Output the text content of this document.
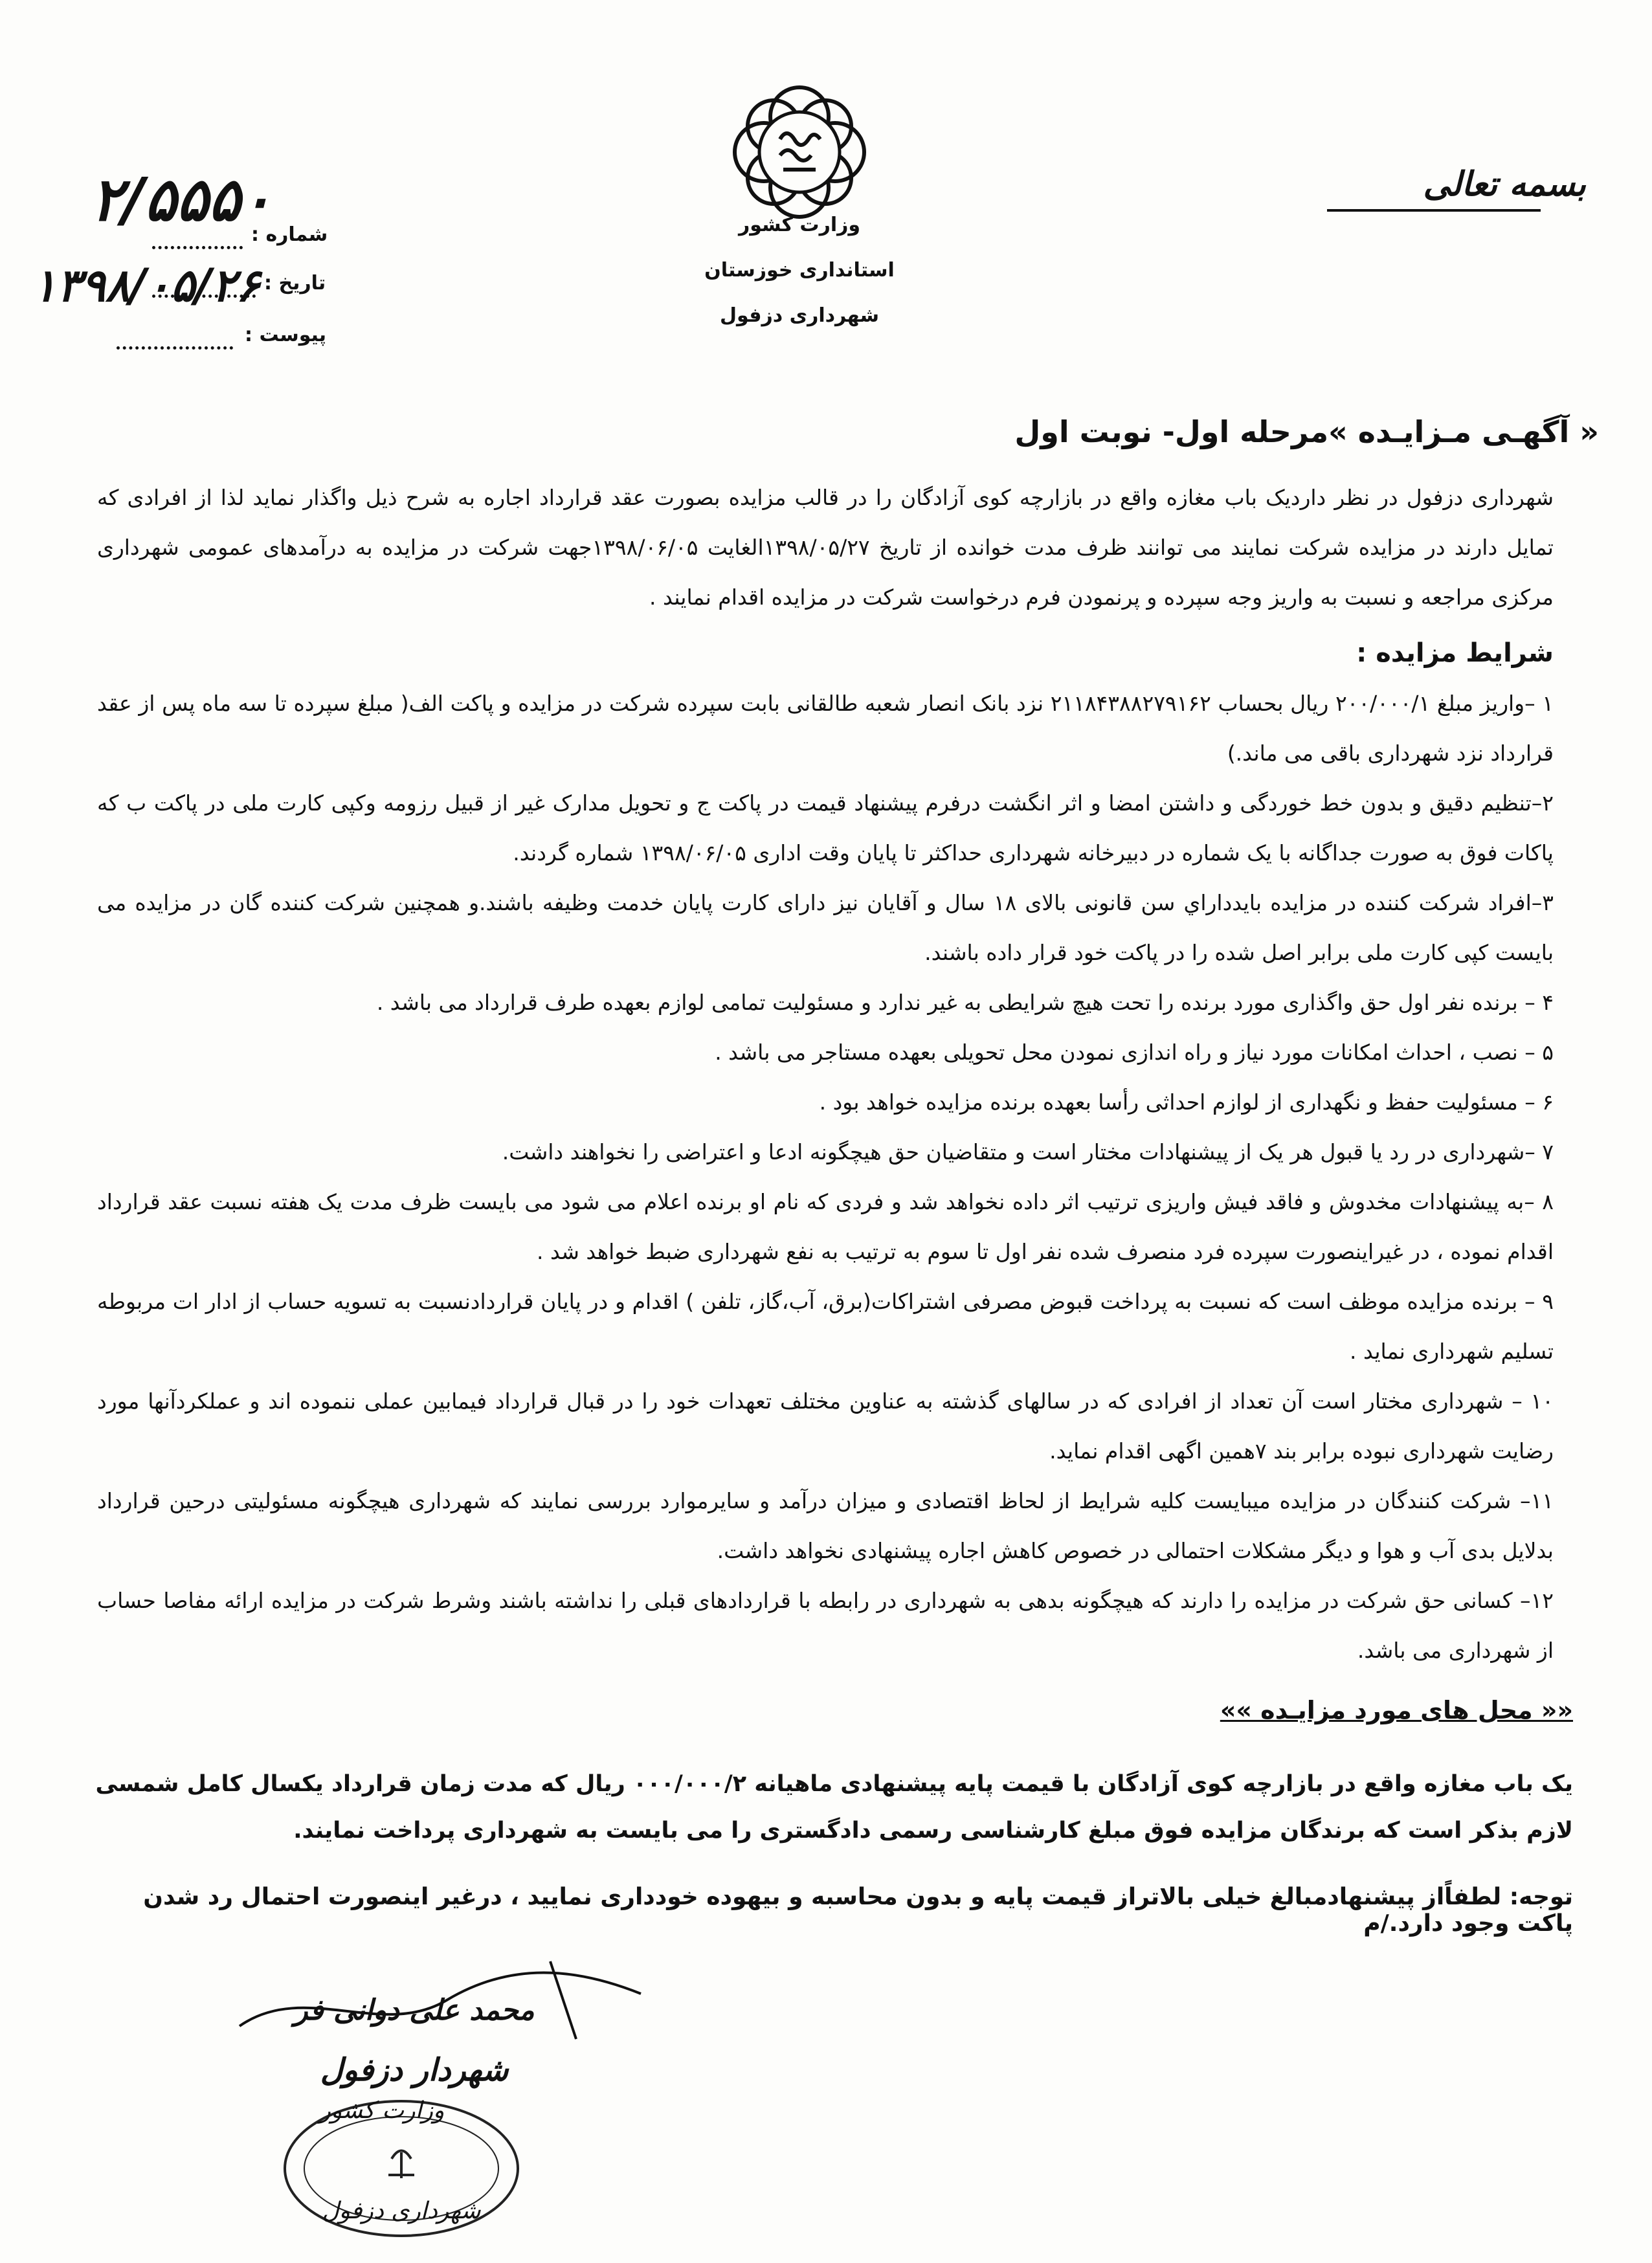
وزارت کشور
استانداری خوزستان
شهرداری دزفول
بسمه تعالی
۲/۵۵۵۰
شماره :
۱۳۹۸/۰۵/۲۶ تاریخ :
پیوست :
« آگهـی مـزایـده »مرحله اول- نوبت اول

شهرداری دزفول در نظر داردیک باب مغازه واقع در بازارچه کوی آزادگان را در قالب مزایده بصورت عقد قرارداد اجاره به شرح ذیل واگذار نماید لذا از افرادی که تمایل دارند در مزایده شرکت نمایند می توانند ظرف مدت خوانده از تاریخ ۱۳۹۸/۰۵/۲۷الغایت ۱۳۹۸/۰۶/۰۵جهت شرکت در مزایده به درآمدهای عمومی شهرداری مرکزی مراجعه و نسبت به واریز وجه سپرده و پرنمودن فرم درخواست شرکت در مزایده اقدام نمایند .

شرایط مزایده :

۱ –واریز مبلغ ۲۰۰/۰۰۰/۱ ریال بحساب ۲۱۱۸۴۳۸۸۲۷۹۱۶۲ نزد بانک انصار شعبه طالقانی بابت سپرده شرکت در مزایده و پاکت الف( مبلغ سپرده تا سه ماه پس از عقد قرارداد نزد شهرداری باقی می ماند.)

۲–تنظیم دقیق و بدون خط خوردگی و داشتن امضا و اثر انگشت درفرم پیشنهاد قیمت در پاکت ج و تحویل مدارک غیر از قبیل رزومه وکپی کارت ملی در پاکت ب که پاکات فوق به صورت جداگانه با یک شماره در دبیرخانه شهرداری حداکثر تا پایان وقت اداری ۱۳۹۸/۰۶/۰۵ شماره گردند.

۳–افراد شرکت کننده در مزایده بایدداراي سن قانونی بالای ۱۸ سال و آقایان نیز دارای کارت پایان خدمت وظیفه باشند.و همچنین شرکت کننده گان در مزایده می بایست کپی کارت ملی برابر اصل شده را در پاکت خود قرار داده باشند.

۴ – برنده نفر اول حق واگذاری مورد برنده را تحت هیچ شرایطی به غیر ندارد و مسئولیت تمامی لوازم بعهده طرف قرارداد می باشد .

۵ – نصب ، احداث امکانات مورد نیاز و راه اندازی نمودن محل تحویلی بعهده مستاجر می باشد .

۶ – مسئولیت حفظ و نگهداری از لوازم احداثی رأسا بعهده برنده مزایده خواهد بود .

۷ –شهرداری در رد یا قبول هر یک از پیشنهادات مختار است و متقاضیان حق هیچگونه ادعا و اعتراضی را نخواهند داشت.

۸ –به پیشنهادات مخدوش و فاقد فیش واریزی ترتیب اثر داده نخواهد شد و فردی که نام او برنده اعلام می شود می بایست ظرف مدت یک هفته نسبت عقد قرارداد اقدام نموده ، در غیراینصورت سپرده فرد منصرف شده نفر اول تا سوم به ترتیب به نفع شهرداری ضبط خواهد شد .

۹ – برنده مزایده موظف است که نسبت به پرداخت قبوض مصرفی اشتراکات(برق، آب،گاز، تلفن ) اقدام و در پایان قراردادنسبت به تسویه حساب از ادار ات مربوطه تسلیم شهرداری نماید .

۱۰ – شهرداری مختار است آن تعداد از افرادی که در سالهای گذشته به عناوین مختلف تعهدات خود را در قبال قرارداد فیمابین عملی ننموده اند و عملکردآنها مورد رضایت شهرداری نبوده برابر بند ۷همین اگهی اقدام نماید.

۱۱– شرکت کنندگان در مزایده میبایست کلیه شرایط از لحاظ اقتصادی و میزان درآمد و سایرموارد بررسی نمایند که شهرداری هیچگونه مسئولیتی درحین قرارداد بدلایل بدی آب و هوا و دیگر مشکلات احتمالی در خصوص کاهش اجاره پیشنهادی نخواهد داشت.

۱۲– کسانی حق شرکت در مزایده را دارند که هیچگونه بدهی به شهرداری در رابطه با قراردادهای قبلی را نداشته باشند وشرط شرکت در مزایده ارائه مفاصا حساب از شهرداری می باشد.

«« محل های مورد مزایـده »»
یک باب مغازه واقع در بازارچه کوی آزادگان با قیمت پایه پیشنهادی ماهیانه ۰۰۰/۰۰۰/۲ ریال که مدت زمان قرارداد یکسال کامل شمسی لازم بذکر است که برندگان مزایده فوق مبلغ کارشناسی رسمی دادگستری را می بایست به شهرداری پرداخت نمایند.
توجه: لطفاًاز پیشنهادمبالغ خیلی بالاتراز قیمت پایه و بدون محاسبه و بیهوده خودداری نمایید ، درغیر اینصورت احتمال رد شدن پاکت وجود دارد./م
محمد علی دوانی فر
شهردار دزفول
وزارت کشور
شهرداری دزفول
